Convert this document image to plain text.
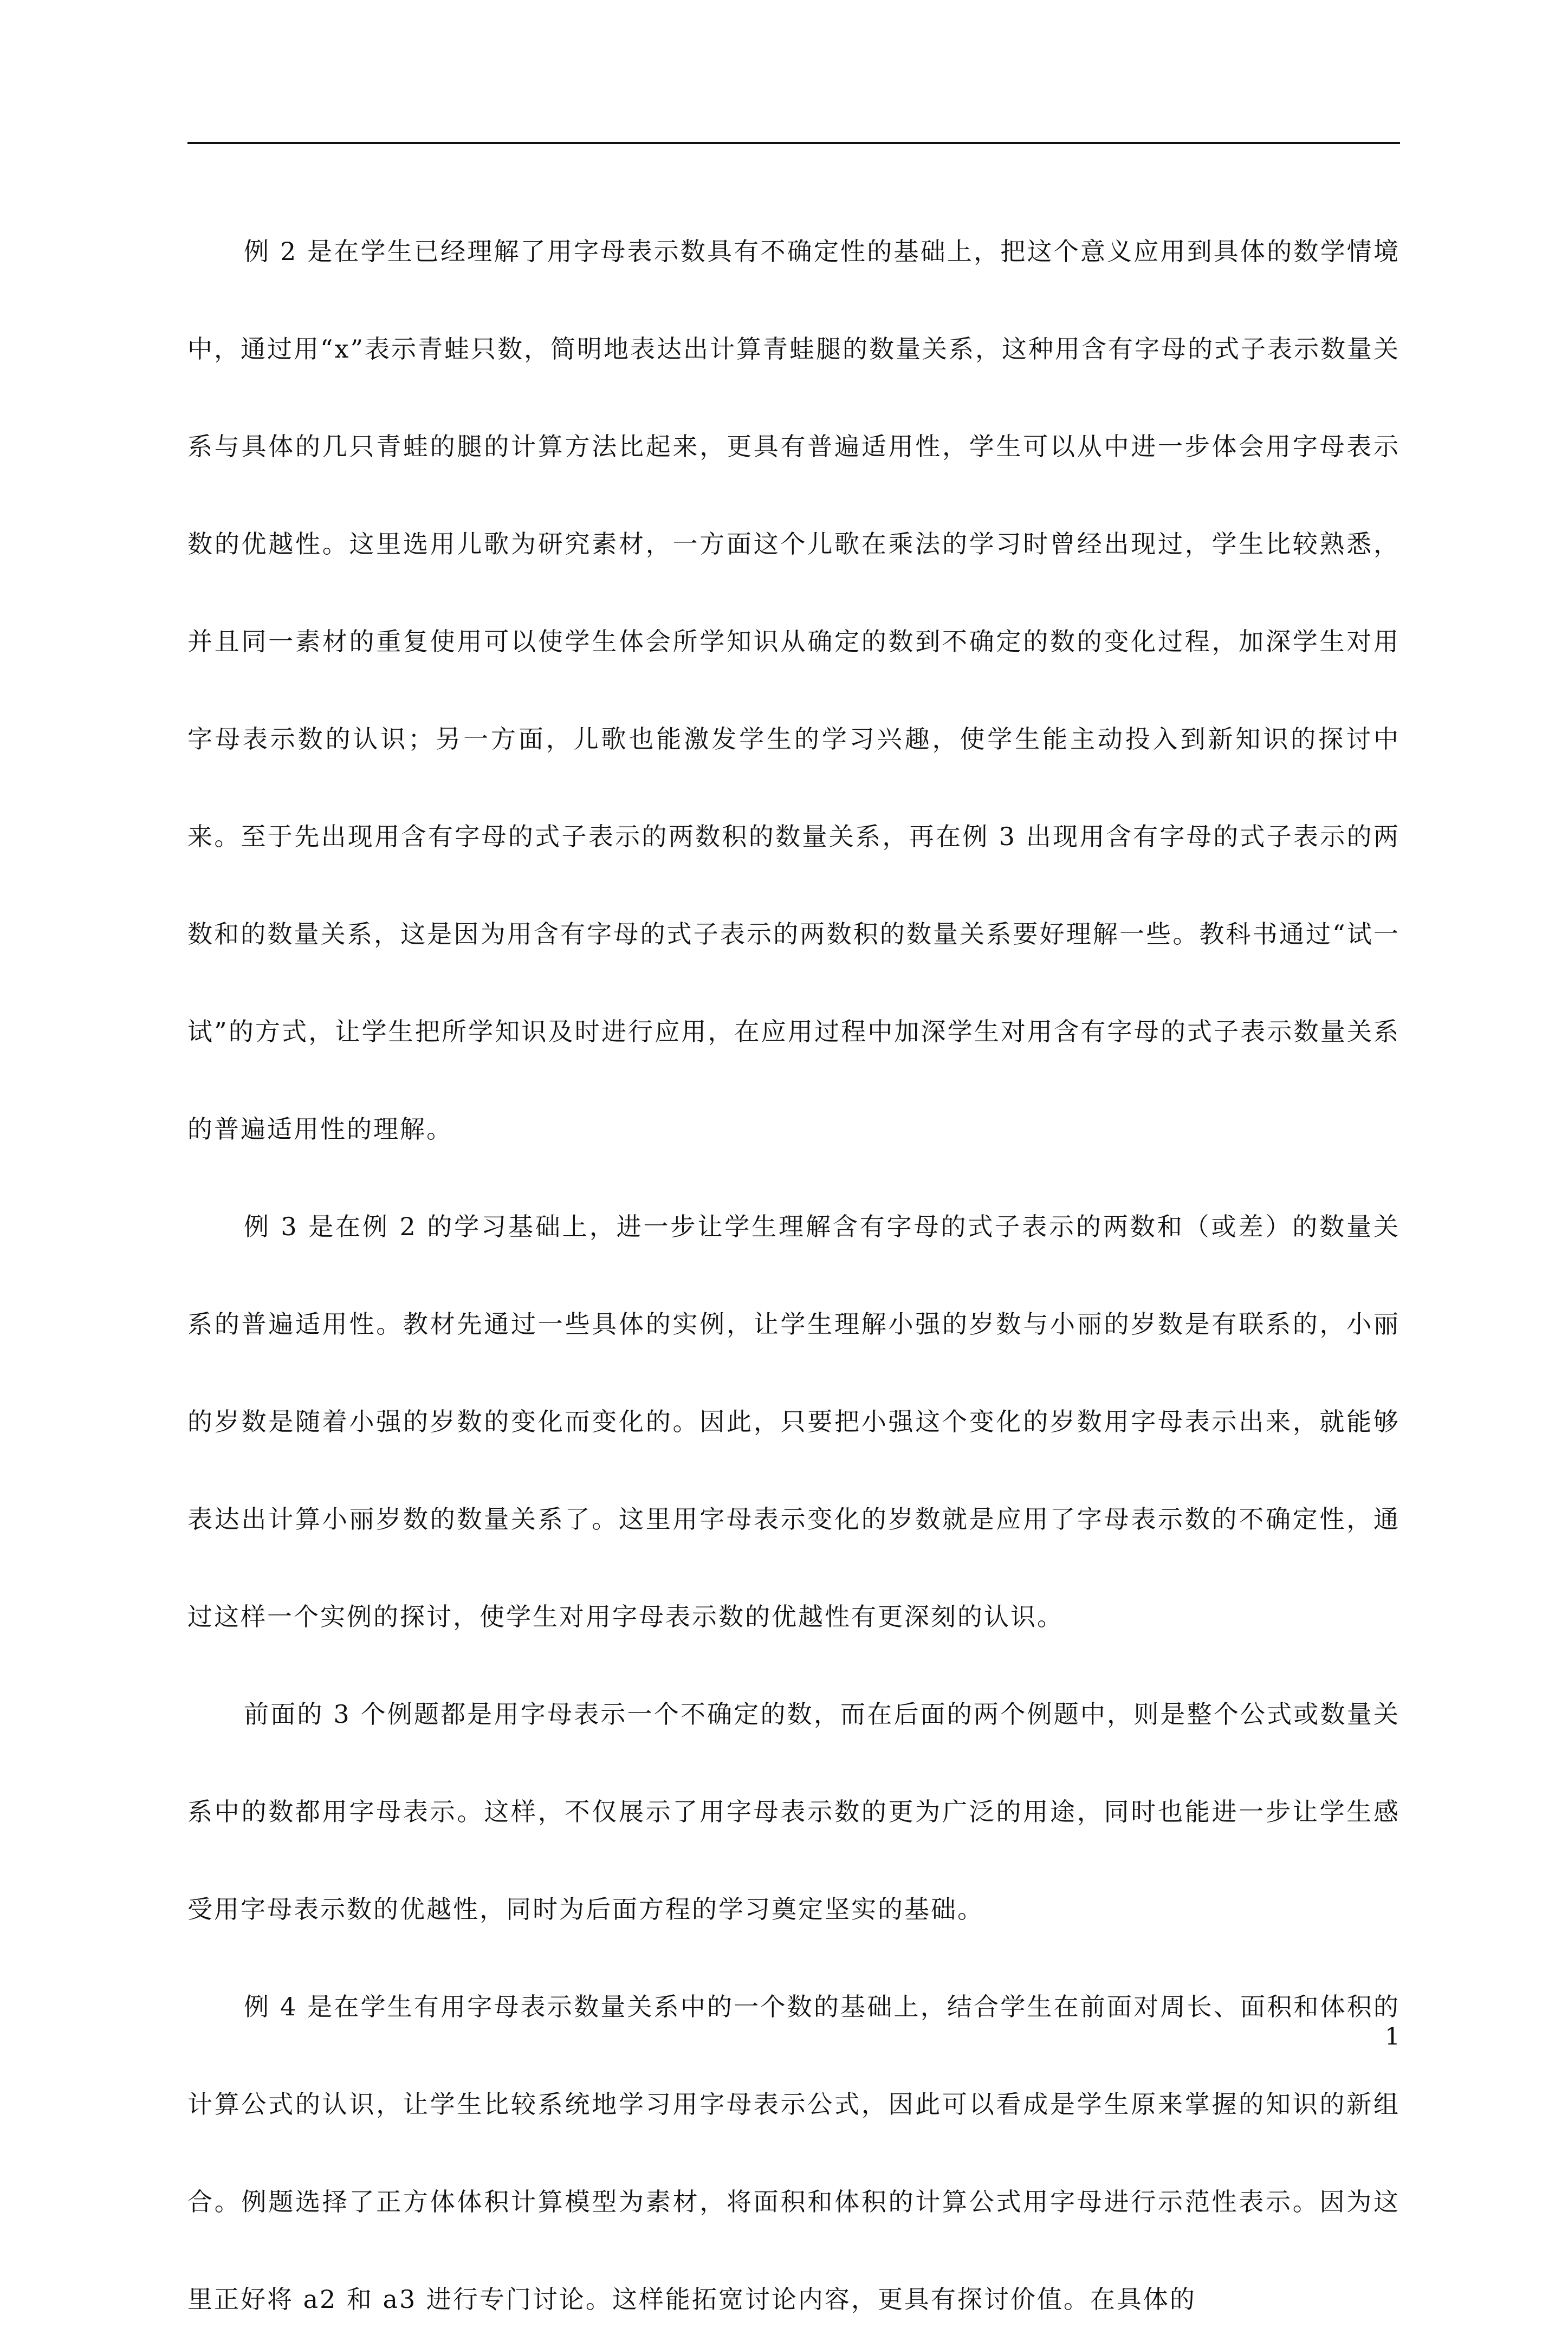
例 2 是在学生已经理解了用字母表示数具有不确定性的基础上，把这个意义应用到具体的数学情境中，通过用“x”表示青蛙只数，简明地表达出计算青蛙腿的数量关系，这种用含有字母的式子表示数量关系与具体的几只青蛙的腿的计算方法比起来，更具有普遍适用性，学生可以从中进一步体会用字母表示数的优越性。这里选用儿歌为研究素材，一方面这个儿歌在乘法的学习时曾经出现过，学生比较熟悉，并且同一素材的重复使用可以使学生体会所学知识从确定的数到不确定的数的变化过程，加深学生对用字母表示数的认识；另一方面，儿歌也能激发学生的学习兴趣，使学生能主动投入到新知识的探讨中来。至于先出现用含有字母的式子表示的两数积的数量关系，再在例 3 出现用含有字母的式子表示的两数和的数量关系，这是因为用含有字母的式子表示的两数积的数量关系要好理解一些。教科书通过“试一试”的方式，让学生把所学知识及时进行应用，在应用过程中加深学生对用含有字母的式子表示数量关系的普遍适用性的理解。

例 3 是在例 2 的学习基础上，进一步让学生理解含有字母的式子表示的两数和（或差）的数量关系的普遍适用性。教材先通过一些具体的实例，让学生理解小强的岁数与小丽的岁数是有联系的，小丽的岁数是随着小强的岁数的变化而变化的。因此，只要把小强这个变化的岁数用字母表示出来，就能够表达出计算小丽岁数的数量关系了。这里用字母表示变化的岁数就是应用了字母表示数的不确定性，通过这样一个实例的探讨，使学生对用字母表示数的优越性有更深刻的认识。

前面的 3 个例题都是用字母表示一个不确定的数，而在后面的两个例题中，则是整个公式或数量关系中的数都用字母表示。这样，不仅展示了用字母表示数的更为广泛的用途，同时也能进一步让学生感受用字母表示数的优越性，同时为后面方程的学习奠定坚实的基础。

例 4 是在学生有用字母表示数量关系中的一个数的基础上，结合学生在前面对周长、面积和体积的计算公式的认识，让学生比较系统地学习用字母表示公式，因此可以看成是学生原来掌握的知识的新组合。例题选择了正方体体积计算模型为素材，将面积和体积的计算公式用字母进行示范性表示。因为这里正好将 a2 和 a3 进行专门讨论。这样能拓宽讨论内容，更具有探讨价值。在具体的

1
